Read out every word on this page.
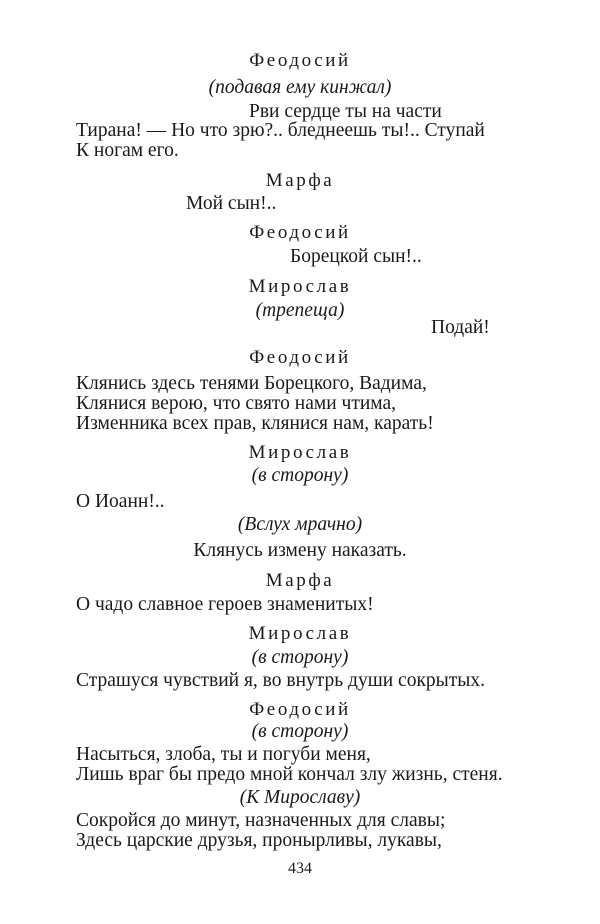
Феодосий
(подавая ему кинжал)
Рви сердце ты на части
Тирана! — Но что зрю?.. бледнеешь ты!.. Ступай
К ногам его.
Марфа
Мой сын!..
Феодосий
Борецкой сын!..
Мирослав
(трепеща)
Подай!
Феодосий
Клянись здесь тенями Борецкого, Вадима,
Клянися верою, что свято нами чтима,
Изменника всех прав, клянися нам, карать!
Мирослав
(в сторону)
О Иоанн!..
(Вслух мрачно)
Клянусь измену наказать.
Марфа
О чадо славное героев знаменитых!
Мирослав
(в сторону)
Страшуся чувствий я, во внутрь души сокрытых.
Феодосий
(в сторону)
Насыться, злоба, ты и погуби меня,
Лишь враг бы предо мной кончал злу жизнь, стеня.
(К Мирославу)
Сокройся до минут, назначенных для славы;
Здесь царские друзья, пронырливы, лукавы,
434
